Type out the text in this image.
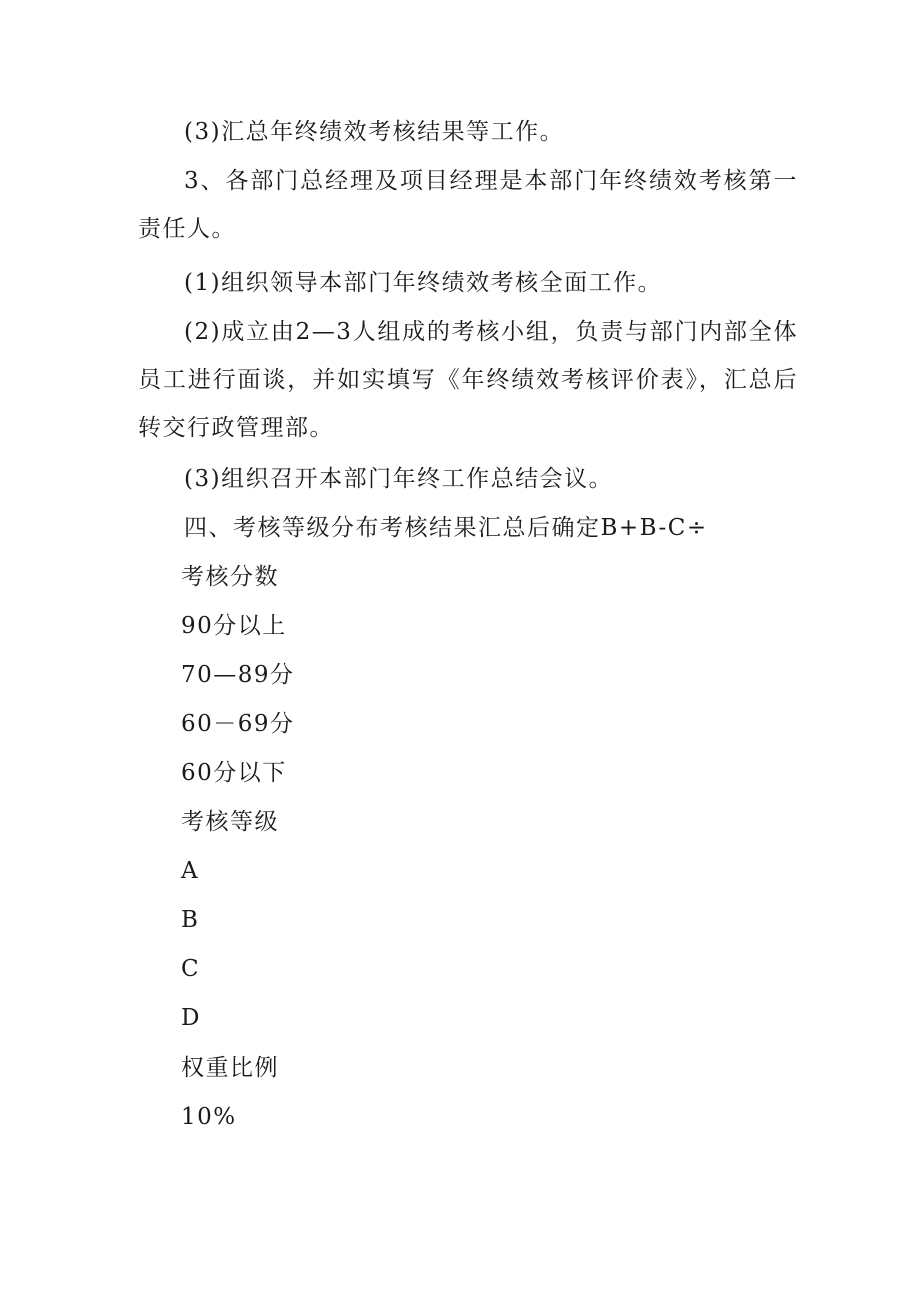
(3)汇总年终绩效考核结果等工作。

3、各部门总经理及项目经理是本部门年终绩效考核第一责任人。

(1)组织领导本部门年终绩效考核全面工作。

(2)成立由2—3人组成的考核小组，负责与部门内部全体员工进行面谈，并如实填写《年终绩效考核评价表》，汇总后转交行政管理部。

(3)组织召开本部门年终工作总结会议。

四、考核等级分布考核结果汇总后确定B+B-C÷

考核分数

90分以上

70—89分

60－69分

60分以下

考核等级

A

B

C

D

权重比例

10%
